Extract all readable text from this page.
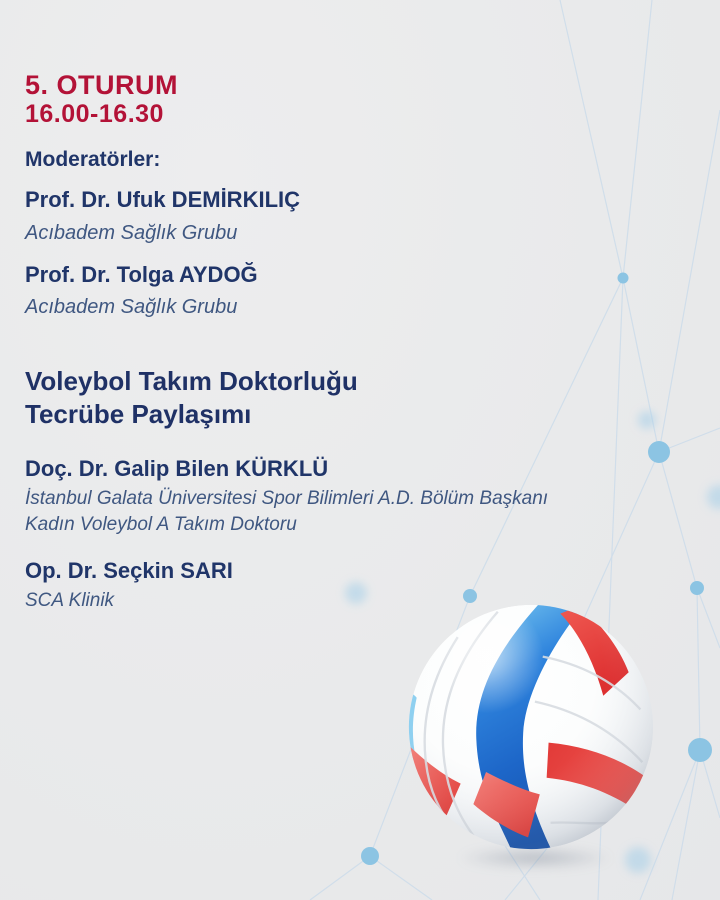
5. OTURUM
16.00-16.30
Moderatörler:
Prof. Dr. Ufuk DEMİRKILIÇ
Acıbadem Sağlık Grubu
Prof. Dr. Tolga AYDOĞ
Acıbadem Sağlık Grubu
Voleybol Takım Doktorluğu
Tecrübe Paylaşımı
Doç. Dr. Galip Bilen KÜRKLÜ
İstanbul Galata Üniversitesi Spor Bilimleri A.D. Bölüm Başkanı
Kadın Voleybol A Takım Doktoru
Op. Dr. Seçkin SARI
SCA Klinik
